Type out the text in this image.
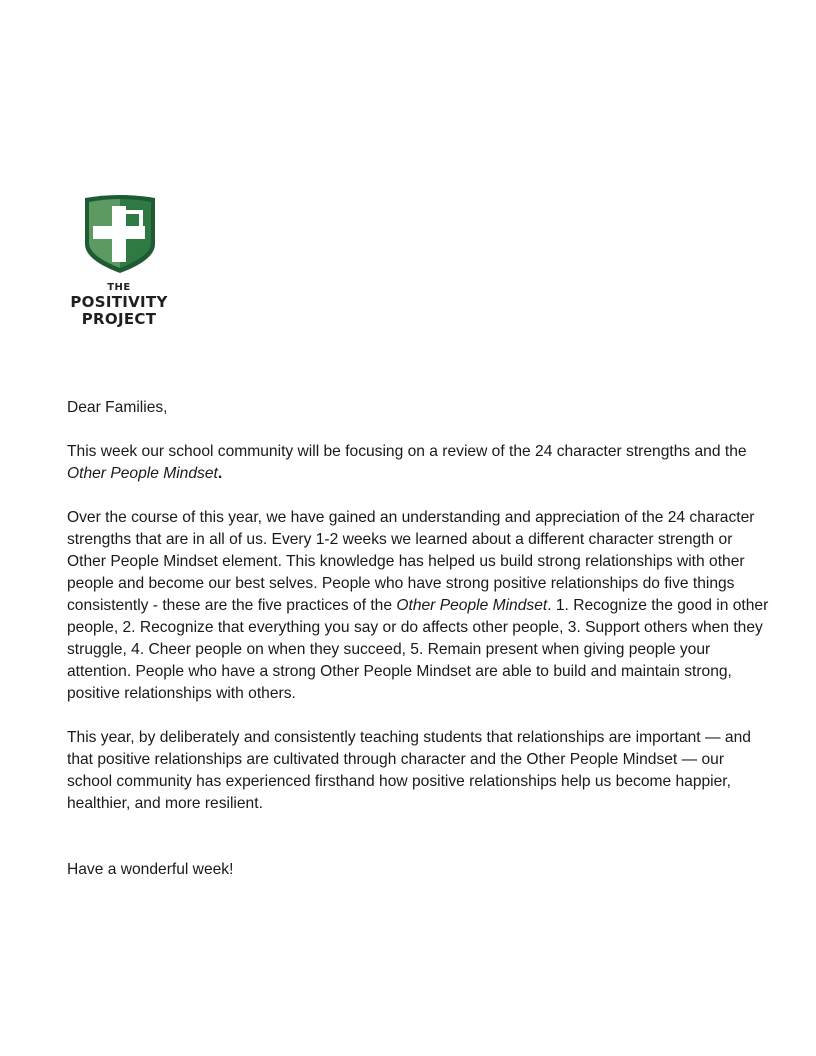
THE
POSITIVITY
PROJECT

Dear Families,

This week our school community will be focusing on a review of the 24 character strengths and the Other People Mindset.

Over the course of this year, we have gained an understanding and appreciation of the 24 character strengths that are in all of us. Every 1-2 weeks we learned about a different character strength or Other People Mindset element. This knowledge has helped us build strong relationships with other people and become our best selves. People who have strong positive relationships do five things consistently - these are the five practices of the Other People Mindset. 1. Recognize the good in other people, 2. Recognize that everything you say or do affects other people, 3. Support others when they struggle, 4. Cheer people on when they succeed, 5. Remain present when giving people your attention. People who have a strong Other People Mindset are able to build and maintain strong, positive relationships with others.

This year, by deliberately and consistently teaching students that relationships are important — and that positive relationships are cultivated through character and the Other People Mindset — our school community has experienced firsthand how positive relationships help us become happier, healthier, and more resilient.

Have a wonderful week!
